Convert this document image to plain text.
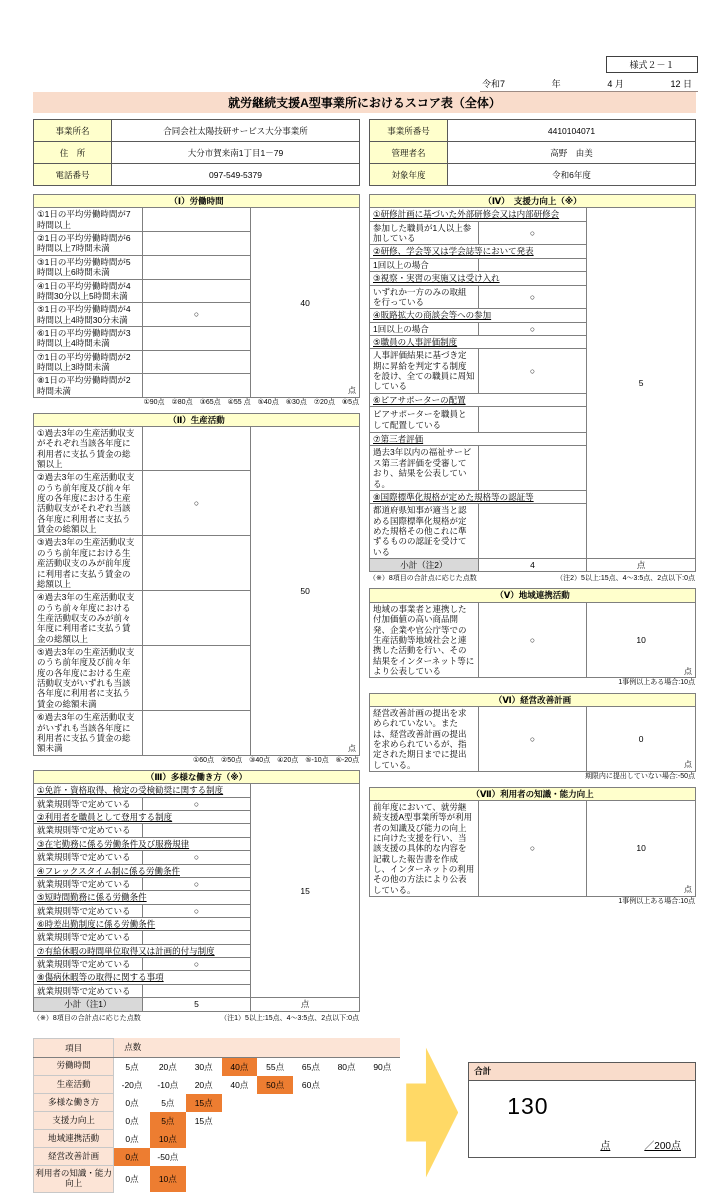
様式２－１
令和7	年	4 月	12 日
就労継続支援A型事業所におけるスコア表（全体）
事業所名	合同会社太陽技研サービス大分事業所
住　所	大分市賀来南1丁目1－79
電話番号	097-549-5379
事業所番号	4410104071
管理者名	高野　由美
対象年度	令和6年度
（Ⅰ）労働時間		
①1日の平均労働時間が7時間以上		40
点

②1日の平均労働時間が6時間以上7時間未満		
③1日の平均労働時間が5時間以上6時間未満		
④1日の平均労働時間が4時間30分以上5時間未満		
⑤1日の平均労働時間が4時間以上4時間30分未満	○	
⑥1日の平均労働時間が3時間以上4時間未満		
⑦1日の平均労働時間が2時間以上3時間未満		
⑧1日の平均労働時間が2時間未満		
①90点　②80点　③65点　④55 点　⑤40点　⑥30点　⑦20点　⑧5点
（Ⅱ）生産活動		
①過去3年の生産活動収支がそれぞれ当該各年度に利用者に支払う賃金の総額以上		50
点

②過去3年の生産活動収支のうち前年度及び前々年度の各年度における生産活動収支がそれぞれ当該各年度に利用者に支払う賃金の総額以上	○	
③過去3年の生産活動収支のうち前年度における生産活動収支のみが前年度に利用者に支払う賃金の総額以上		
④過去3年の生産活動収支のうち前々年度における生産活動収支のみが前々年度に利用者に支払う賃金の総額以上		
⑤過去3年の生産活動収支のうち前年度及び前々年度の各年度における生産活動収支がいずれも当該各年度に利用者に支払う賃金の総額未満		
⑥過去3年の生産活動収支がいずれも当該各年度に利用者に支払う賃金の総額未満		
①60点　②50点　③40点　④20点　⑤-10点　⑥-20点
（Ⅲ）多様な働き方（※）		
①免許・資格取得、検定の受検勧奨に関する制度		15
就業規則等で定めている	○	
②利用者を職員として登用する制度		
就業規則等で定めている		
③在宅勤務に係る労働条件及び服務規律		
就業規則等で定めている	○	
④フレックスタイム制に係る労働条件		
就業規則等で定めている	○	
⑤短時間勤務に係る労働条件		
就業規則等で定めている	○	
⑥時差出勤制度に係る労働条件		
就業規則等で定めている		
⑦有給休暇の時間単位取得又は計画的付与制度		
就業規則等で定めている	○	
⑧傷病休暇等の取得に関する事項		
就業規則等で定めている		
小計（注1）	5	点
（※）8項目の合計点に応じた点数	（注1）5以上:15点、4～3:5点、2点以下:0点
（Ⅳ）　支援力向上（※）		
①研修計画に基づいた外部研修会又は内部研修会		5
参加した職員が1人以上参加している	○	
②研修、学会等又は学会誌等において発表		
1回以上の場合		
③視察・実習の実施又は受け入れ		
いずれか一方のみの取組を行っている	○	
④販路拡大の商談会等への参加		
1回以上の場合	○	
⑤職員の人事評価制度		
人事評価結果に基づき定期に昇給を判定する制度を設け、全ての職員に周知している	○	
⑥ピアサポーターの配置		
ピアサポーターを職員として配置している		
⑦第三者評価		
過去3年以内の福祉サービス第三者評価を受審しており、結果を公表している。		
⑧国際標準化規格が定めた規格等の認証等		
都道府県知事が適当と認める国際標準化規格が定めた規格その他これに準ずるものの認証を受けている		
小計（注2）	4	点
（※）8項目の合計点に応じた点数	（注2）5以上:15点、4～3:5点、2点以下:0点
（Ⅴ）地域連携活動
地域の事業者と連携した付加価値の高い商品開発、企業や官公庁等での生産活動等地域社会と連携した活動を行い、その結果をインターネット等により公表している	○	10
点
1事例以上ある場合:10点
（Ⅵ）経営改善計画
経営改善計画の提出を求められていない。または、経営改善計画の提出を求められているが、指定された期日までに提出している。	○	0
点
期限内に提出していない場合:-50点
（Ⅶ）利用者の知識・能力向上
前年度において、就労継続支援A型事業所等が利用者の知識及び能力の向上に向けた支援を行い、当該支援の具体的な内容を記載した報告書を作成し、インターネットの利用その他の方法により公表している。	○	10
点
1事例以上ある場合:10点
項目	点数							
労働時間	5点	20点	30点	40点	55点	65点	80点	90点
生産活動	-20点	-10点	20点	40点	50点	60点		
多様な働き方	0点	5点	15点					
支援力向上	0点	5点	15点					
地域連携活動	0点	10点						
経営改善計画	0点	-50点						
利用者の知識・能力向上	0点	10点						
合計
130
点	／200点
